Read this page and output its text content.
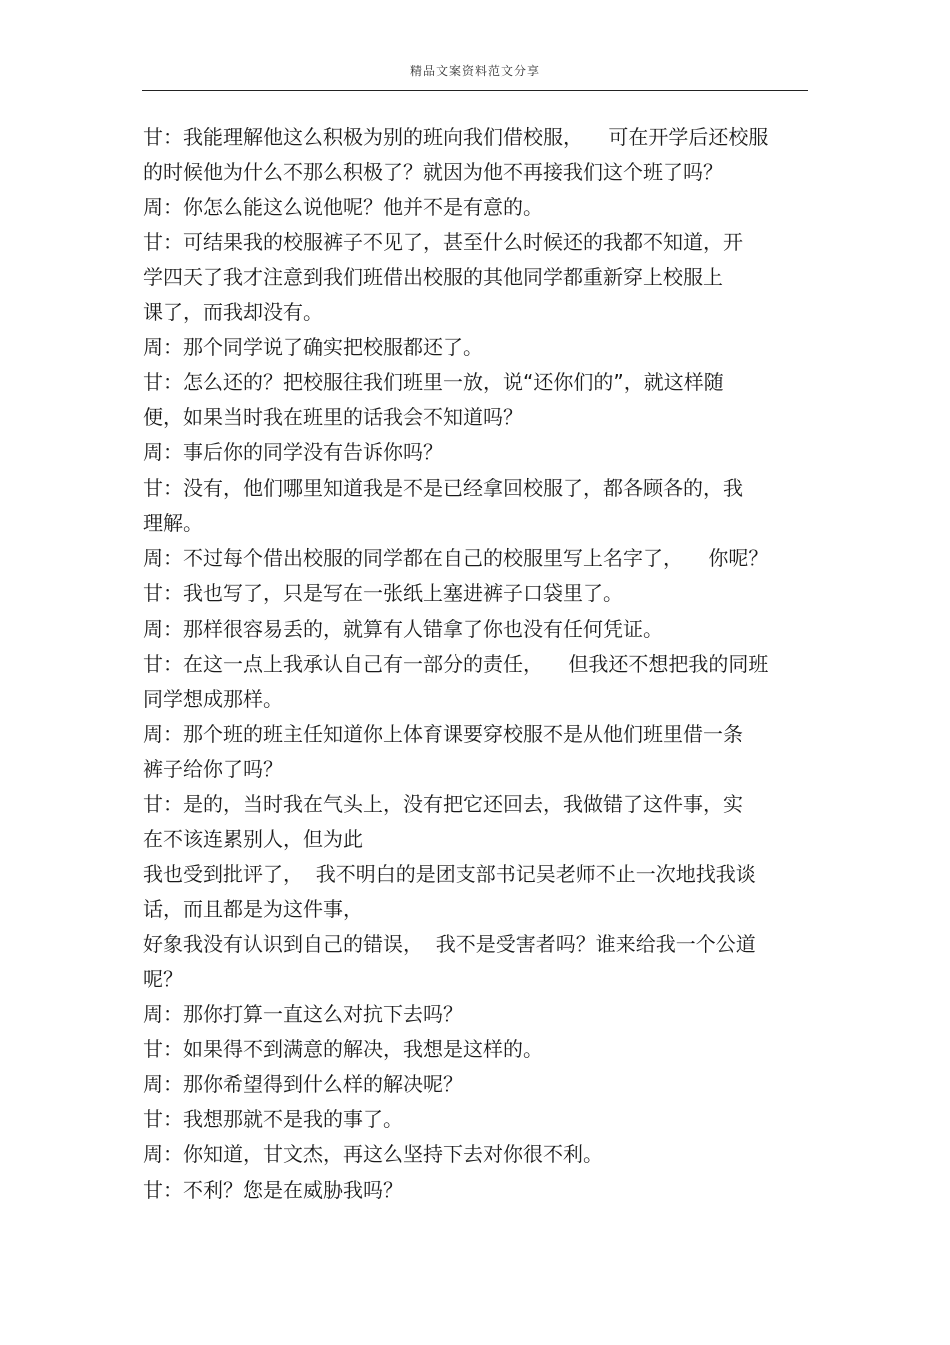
精品文案资料范文分享
甘：我能理解他这么积极为别的班向我们借校服，    可在开学后还校服
的时候他为什么不那么积极了？就因为他不再接我们这个班了吗？
周：你怎么能这么说他呢？他并不是有意的。
甘：可结果我的校服裤子不见了，甚至什么时候还的我都不知道，开
学四天了我才注意到我们班借出校服的其他同学都重新穿上校服上
课了，而我却没有。
周：那个同学说了确实把校服都还了。
甘：怎么还的？把校服往我们班里一放，说“还你们的”，就这样随
便，如果当时我在班里的话我会不知道吗？
周：事后你的同学没有告诉你吗？
甘：没有，他们哪里知道我是不是已经拿回校服了，都各顾各的，我
理解。
周：不过每个借出校服的同学都在自己的校服里写上名字了，    你呢？
甘：我也写了，只是写在一张纸上塞进裤子口袋里了。
周：那样很容易丢的，就算有人错拿了你也没有任何凭证。
甘：在这一点上我承认自己有一部分的责任，    但我还不想把我的同班
同学想成那样。
周：那个班的班主任知道你上体育课要穿校服不是从他们班里借一条
裤子给你了吗？
甘：是的，当时我在气头上，没有把它还回去，我做错了这件事，实
在不该连累别人，但为此
我也受到批评了，  我不明白的是团支部书记吴老师不止一次地找我谈
话，而且都是为这件事，
好象我没有认识到自己的错误，  我不是受害者吗？谁来给我一个公道
呢？
周：那你打算一直这么对抗下去吗？
甘：如果得不到满意的解决，我想是这样的。
周：那你希望得到什么样的解决呢？
甘：我想那就不是我的事了。
周：你知道，甘文杰，再这么坚持下去对你很不利。
甘：不利？您是在威胁我吗？
